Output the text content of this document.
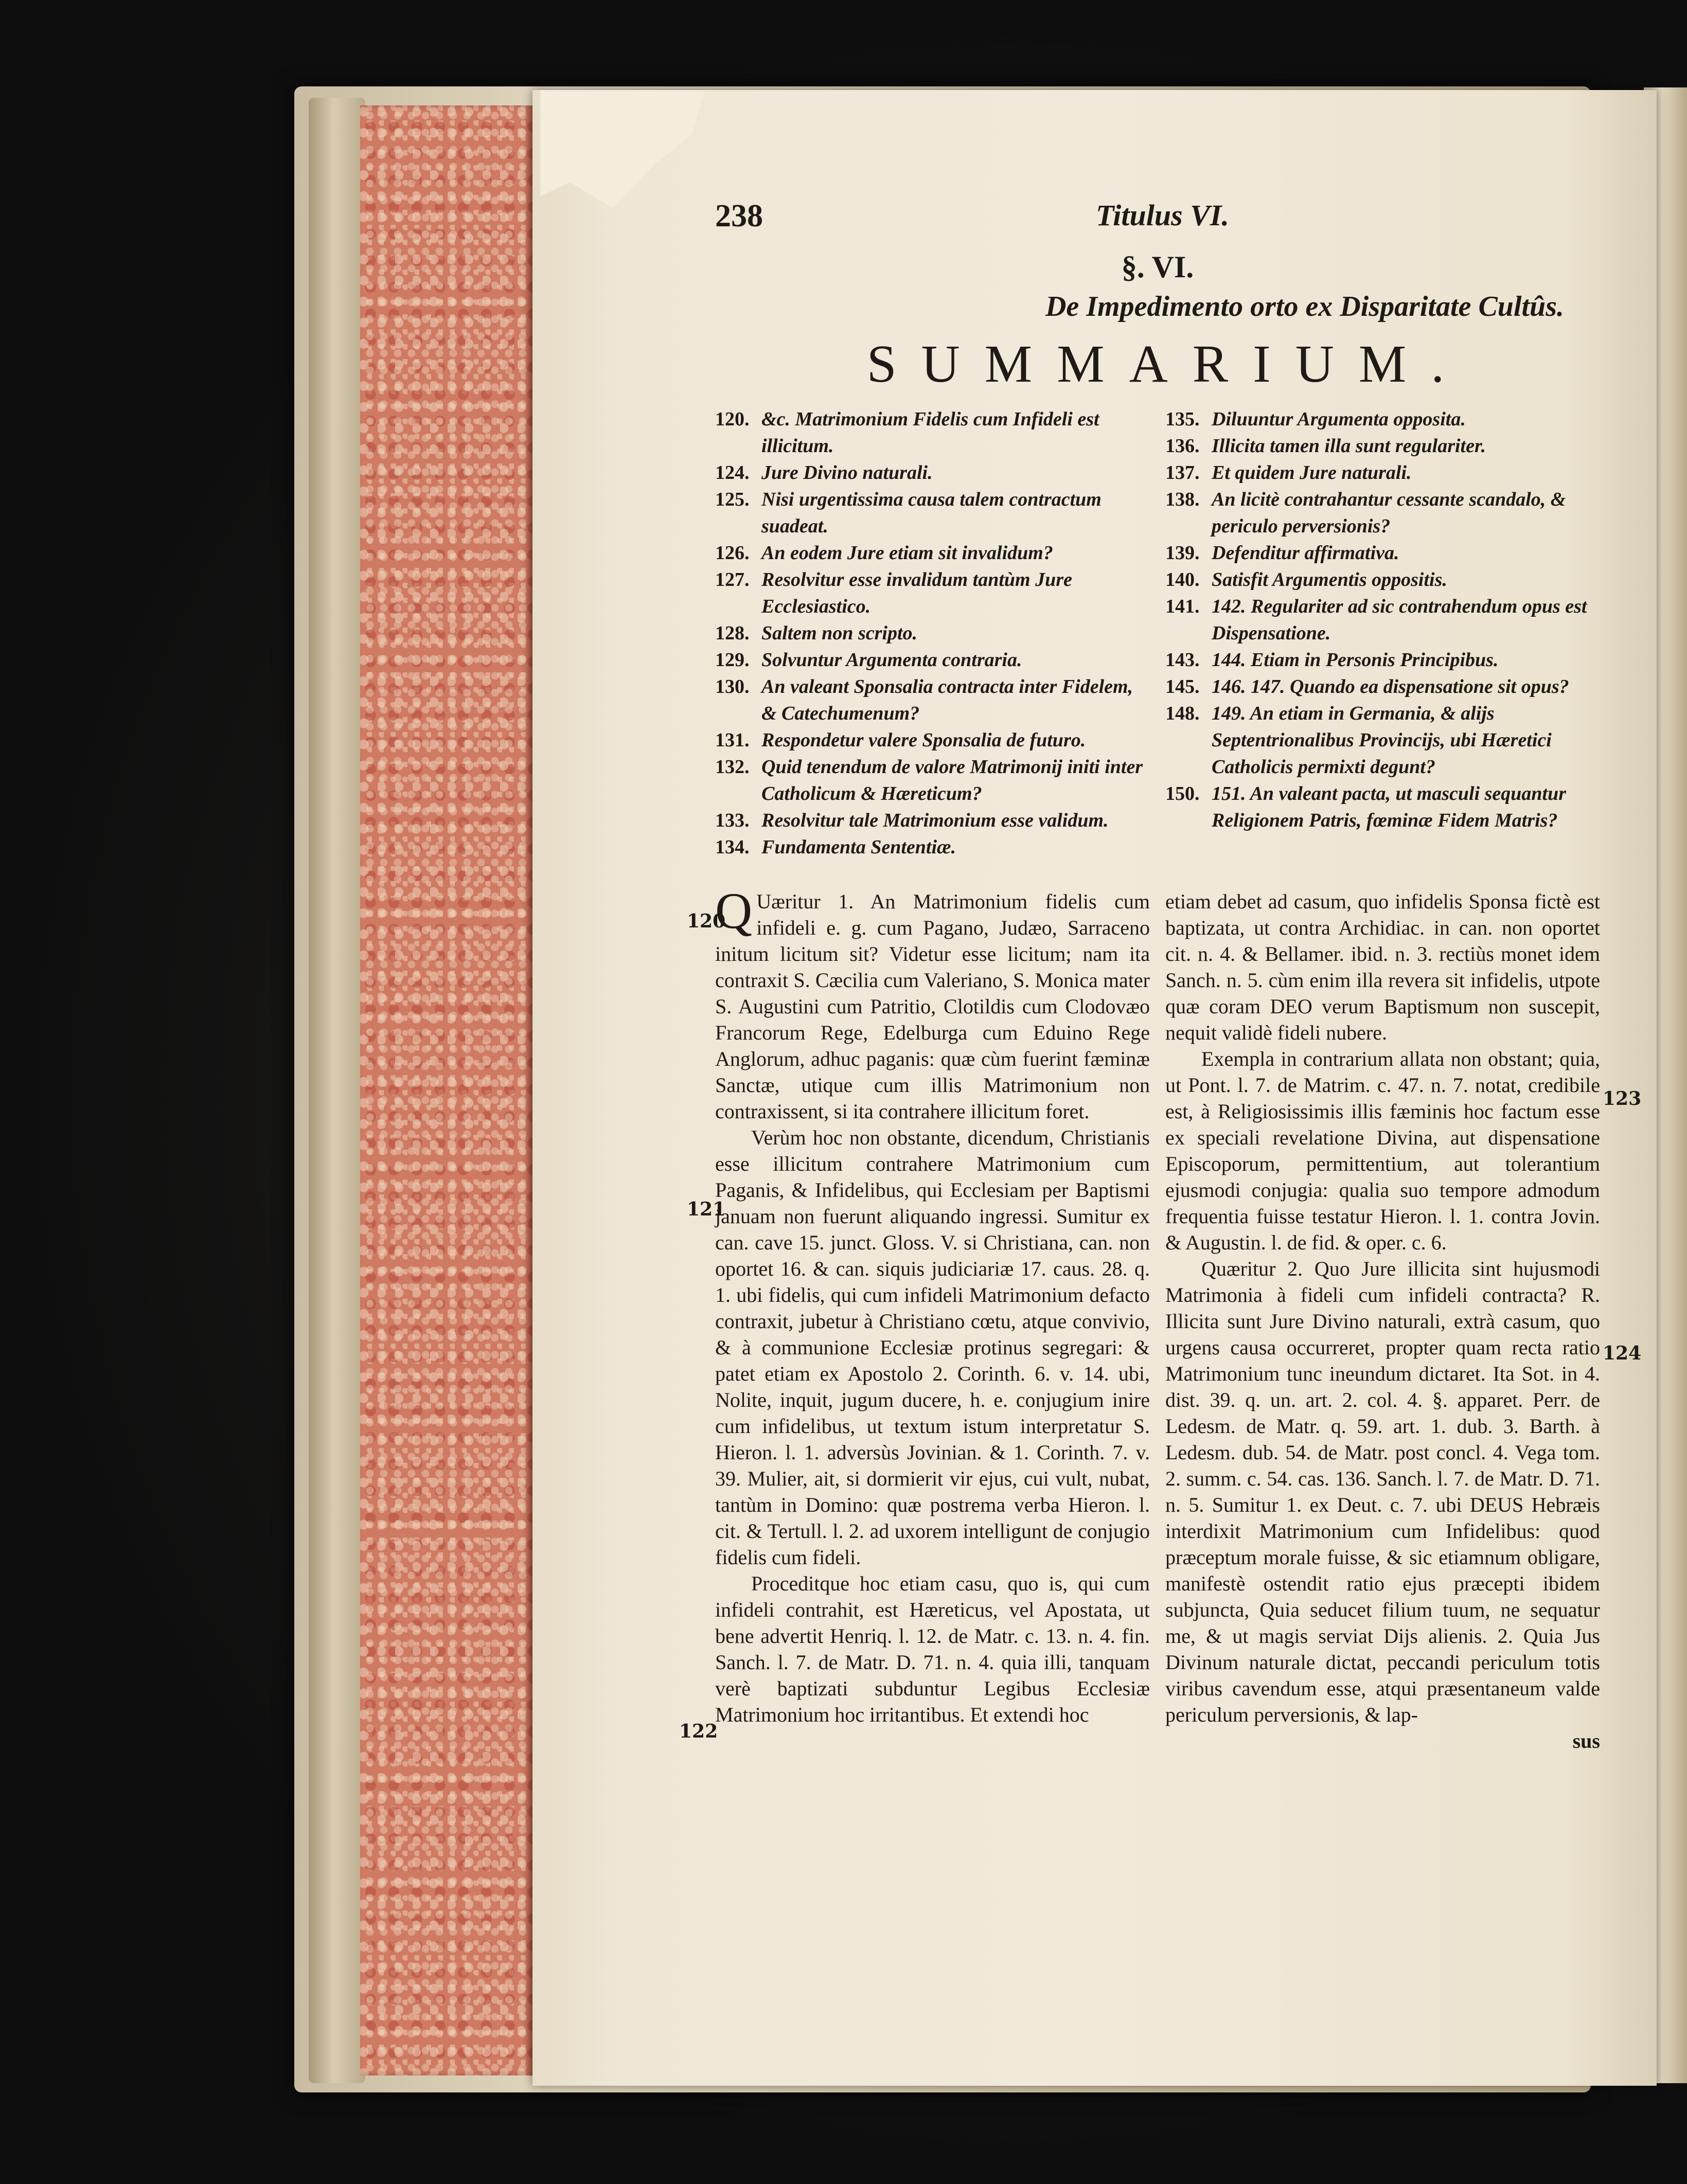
238	Titulus VI.
§. VI.
De Impedimento orto ex Disparitate Cultûs.
SUMMARIUM.
120. &c. Matrimonium Fidelis cum Infideli est illicitum.
124. Jure Divino naturali.
125. Nisi urgentissima causa talem contractum suadeat.
126. An eodem Jure etiam sit invalidum?
127. Resolvitur esse invalidum tantùm Jure Ecclesiastico.
128. Saltem non scripto.
129. Solvuntur Argumenta contraria.
130. An valeant Sponsalia contracta inter Fidelem, & Catechumenum?
131. Respondetur valere Sponsalia de futuro.
132. Quid tenendum de valore Matrimonij initi inter Catholicum & Hæreticum?
133. Resolvitur tale Matrimonium esse validum.
134. Fundamenta Sententiæ.
135. Diluuntur Argumenta opposita.
136. Illicita tamen illa sunt regulariter.
137. Et quidem Jure naturali.
138. An licitè contrahantur cessante scandalo, & periculo perversionis?
139. Defenditur affirmativa.
140. Satisfit Argumentis oppositis.
141. 142. Regulariter ad sic contrahendum opus est Dispensatione.
143. 144. Etiam in Personis Principibus.
145. 146. 147. Quando ea dispensatione sit opus?
148. 149. An etiam in Germania, & alijs Septentrionalibus Provincijs, ubi Hæretici Catholicis permixti degunt?
150. 151. An valeant pacta, ut masculi sequantur Religionem Patris, fœminæ Fidem Matris?

Q Uæritur 1. An Matrimonium fidelis cum infideli e. g. cum Pagano, Judæo, Sarraceno initum licitum sit? Videtur esse licitum; nam ita contraxit S. Cæcilia cum Valeriano, S. Monica mater S. Augustini cum Patritio, Clotildis cum Clodovæo Francorum Rege, Edelburga cum Eduino Rege Anglorum, adhuc paganis: quæ cùm fuerint fæminæ Sanctæ, utique cum illis Matrimonium non contraxissent, si ita contrahere illicitum foret.

Verùm hoc non obstante, dicendum, Christianis esse illicitum contrahere Matrimonium cum Paganis, & Infidelibus, qui Ecclesiam per Baptismi januam non fuerunt aliquando ingressi. Sumitur ex can. cave 15. junct. Gloss. V. si Christiana, can. non oportet 16. & can. siquis judiciariæ 17. caus. 28. q. 1. ubi fidelis, qui cum infideli Matrimonium defacto contraxit, jubetur à Christiano cœtu, atque convivio, & à communione Ecclesiæ protinus segregari: & patet etiam ex Apostolo 2. Corinth. 6. v. 14. ubi, Nolite, inquit, jugum ducere, h. e. conjugium inire cum infidelibus, ut textum istum interpretatur S. Hieron. l. 1. adversùs Jovinian. & 1. Corinth. 7. v. 39. Mulier, ait, si dormierit vir ejus, cui vult, nubat, tantùm in Domino: quæ postrema verba Hieron. l. cit. & Tertull. l. 2. ad uxorem intelligunt de conjugio fidelis cum fideli.

Proceditque hoc etiam casu, quo is, qui cum infideli contrahit, est Hæreticus, vel Apostata, ut bene advertit Henriq. l. 12. de Matr. c. 13. n. 4. fin. Sanch. l. 7. de Matr. D. 71. n. 4. quia illi, tanquam verè baptizati subduntur Legibus Ecclesiæ Matrimonium hoc irritantibus. Et extendi hoc

etiam debet ad casum, quo infidelis Sponsa fictè est baptizata, ut contra Archidiac. in can. non oportet cit. n. 4. & Bellamer. ibid. n. 3. rectiùs monet idem Sanch. n. 5. cùm enim illa revera sit infidelis, utpote quæ coram DEO verum Baptismum non suscepit, nequit validè fideli nubere.

Exempla in contrarium allata non obstant; quia, ut Pont. l. 7. de Matrim. c. 47. n. 7. notat, credibile est, à Religiosissimis illis fæminis hoc factum esse ex speciali revelatione Divina, aut dispensatione Episcoporum, permittentium, aut tolerantium ejusmodi conjugia: qualia suo tempore admodum frequentia fuisse testatur Hieron. l. 1. contra Jovin. & Augustin. l. de fid. & oper. c. 6.

Quæritur 2. Quo Jure illicita sint hujusmodi Matrimonia à fideli cum infideli contracta? R. Illicita sunt Jure Divino naturali, extrà casum, quo urgens causa occurreret, propter quam recta ratio Matrimonium tunc ineundum dictaret. Ita Sot. in 4. dist. 39. q. un. art. 2. col. 4. §. apparet. Perr. de Ledesm. de Matr. q. 59. art. 1. dub. 3. Barth. à Ledesm. dub. 54. de Matr. post concl. 4. Vega tom. 2. summ. c. 54. cas. 136. Sanch. l. 7. de Matr. D. 71. n. 5. Sumitur 1. ex Deut. c. 7. ubi DEUS Hebræis interdixit Matrimonium cum Infidelibus: quod præceptum morale fuisse, & sic etiamnum obligare, manifestè ostendit ratio ejus præcepti ibidem subjuncta, Quia seducet filium tuum, ne sequatur me, & ut magis serviat Dijs alienis. 2. Quia Jus Divinum naturale dictat, peccandi periculum totis viribus cavendum esse, atqui præsentaneum valde periculum perversionis, & lap-

sus
120
121
122
123
124
